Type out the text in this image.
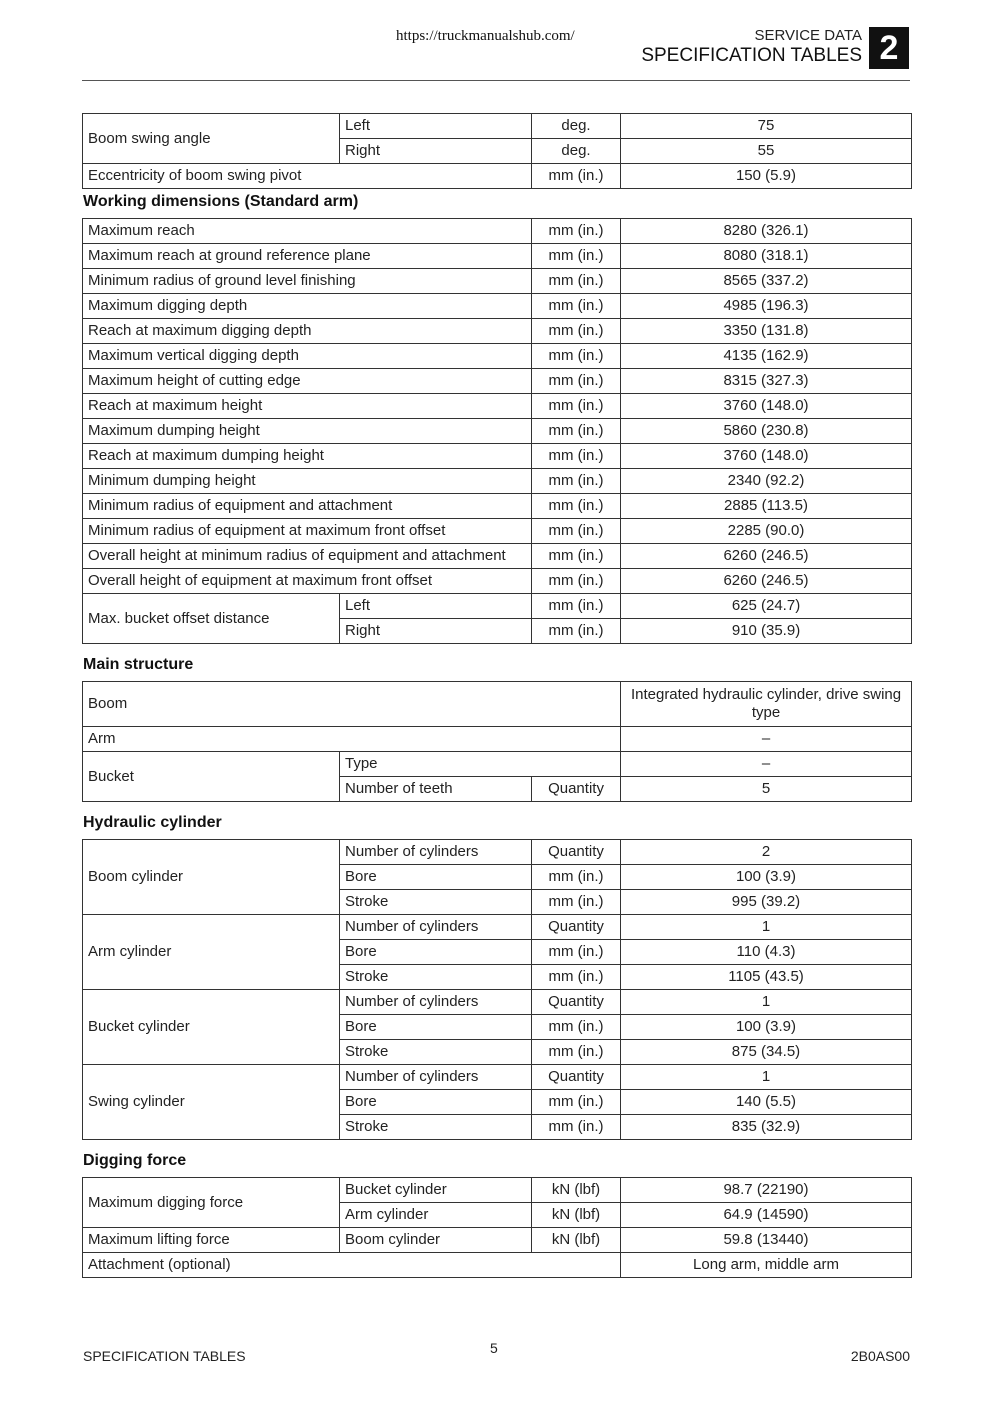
https://truckmanualshub.com/	SERVICE DATA
SPECIFICATION TABLES 2
Boom swing angle	Left	deg.	75
	Right	deg.	55
Eccentricity of boom swing pivot		mm (in.)	150 (5.9)
Working dimensions (Standard arm)
Maximum reach		mm (in.)	8280 (326.1)
Maximum reach at ground reference plane		mm (in.)	8080 (318.1)
Minimum radius of ground level finishing		mm (in.)	8565 (337.2)
Maximum digging depth		mm (in.)	4985 (196.3)
Reach at maximum digging depth		mm (in.)	3350 (131.8)
Maximum vertical digging depth		mm (in.)	4135 (162.9)
Maximum height of cutting edge		mm (in.)	8315 (327.3)
Reach at maximum height		mm (in.)	3760 (148.0)
Maximum dumping height		mm (in.)	5860 (230.8)
Reach at maximum dumping height		mm (in.)	3760 (148.0)
Minimum dumping height		mm (in.)	2340 (92.2)
Minimum radius of equipment and attachment		mm (in.)	2885 (113.5)
Minimum radius of equipment at maximum front offset		mm (in.)	2285 (90.0)
Overall height at minimum radius of equipment and attachment		mm (in.)	6260 (246.5)
Overall height of equipment at maximum front offset		mm (in.)	6260 (246.5)
Max. bucket offset distance	Left	mm (in.)	625 (24.7)
	Right	mm (in.)	910 (35.9)
Main structure
Boom			Integrated hydraulic cylinder, drive swing type
Arm			–
Bucket	Type		–
	Number of teeth	Quantity	5
Hydraulic cylinder
Boom cylinder	Number of cylinders	Quantity	2
	Bore	mm (in.)	100 (3.9)
	Stroke	mm (in.)	995 (39.2)
Arm cylinder	Number of cylinders	Quantity	1
	Bore	mm (in.)	110 (4.3)
	Stroke	mm (in.)	1105 (43.5)
Bucket cylinder	Number of cylinders	Quantity	1
	Bore	mm (in.)	100 (3.9)
	Stroke	mm (in.)	875 (34.5)
Swing cylinder	Number of cylinders	Quantity	1
	Bore	mm (in.)	140 (5.5)
	Stroke	mm (in.)	835 (32.9)
Digging force
Maximum digging force	Bucket cylinder	kN (lbf)	98.7 (22190)
	Arm cylinder	kN (lbf)	64.9 (14590)
Maximum lifting force	Boom cylinder	kN (lbf)	59.8 (13440)
Attachment (optional)			Long arm, middle arm
SPECIFICATION TABLES	5	2B0AS00
